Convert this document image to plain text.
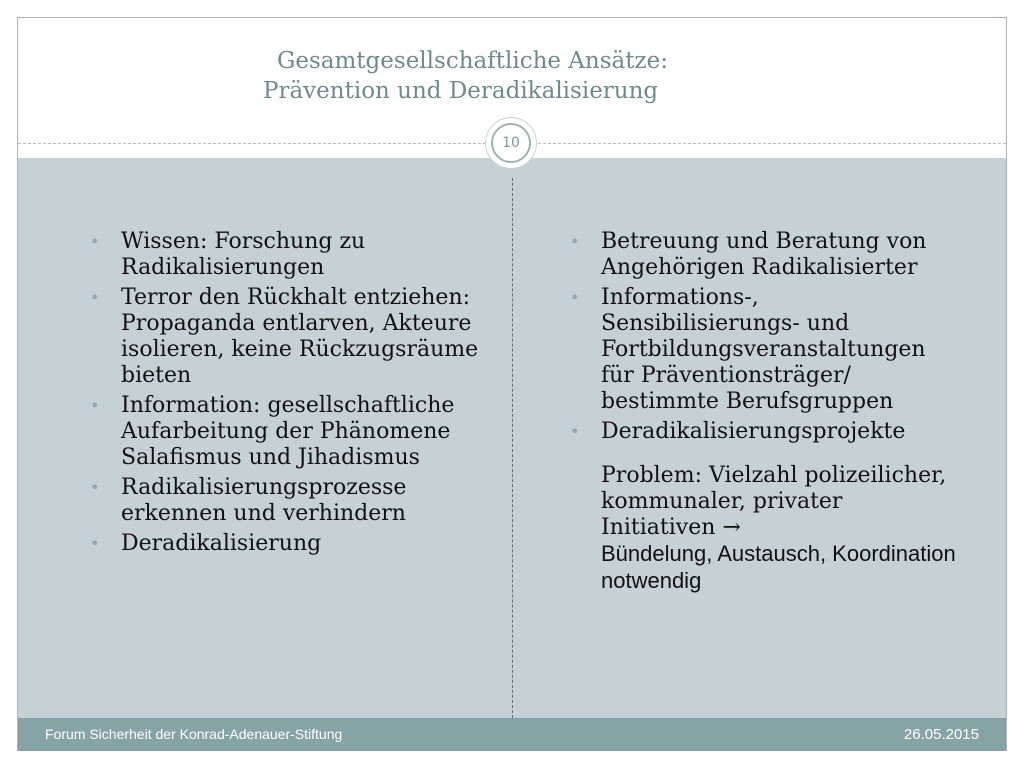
Gesamtgesellschaftliche Ansätze:
Prävention und Deradikalisierung
10
• Wissen: Forschung zu Radikalisierungen
• Terror den Rückhalt entziehen: Propaganda entlarven, Akteure isolieren, keine Rückzugsräume bieten
• Information: gesellschaftliche Aufarbeitung der Phänomene Salafismus und Jihadismus
• Radikalisierungsprozesse erkennen und verhindern
• Deradikalisierung
• Betreuung und Beratung von Angehörigen Radikalisierter
• Informations-, Sensibilisierungs- und Fortbildungsveranstaltungen für Präventionsträger/ bestimmte Berufsgruppen
• Deradikalisierungsprojekte

Problem: Vielzahl polizeilicher, kommunaler, privater Initiativen →
Bündelung, Austausch, Koordination notwendig

Forum Sicherheit der Konrad-Adenauer-Stiftung	26.05.2015
